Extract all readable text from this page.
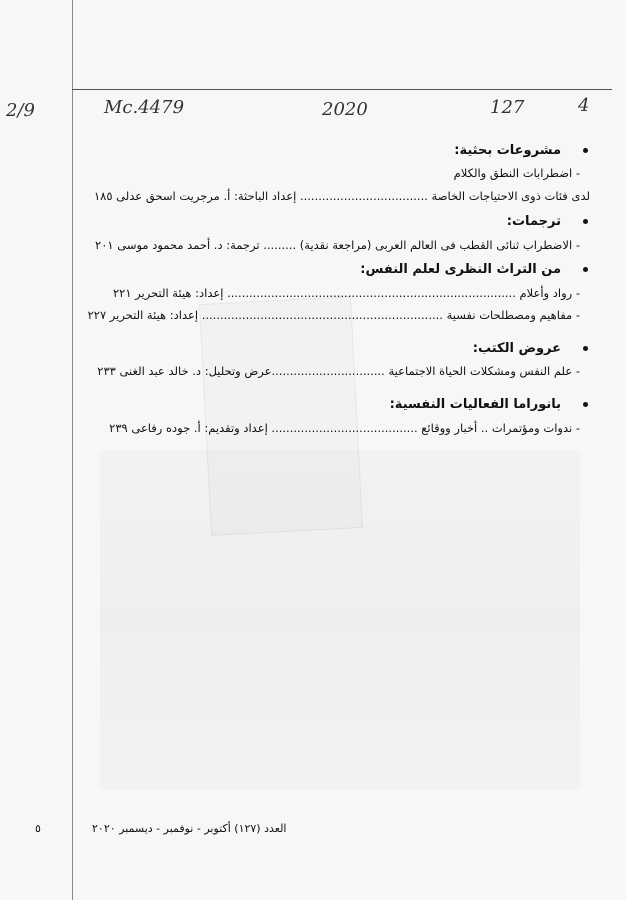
2/9	Mc.4479	2020	127	4
مشروعات بحثية:
- اضطرابات النطق والكلام
لدى فئات ذوى الاحتياجات الخاصة ................................... إعداد الباحثة: أ. مرجريت اسحق عدلى ١٨٥
ترجمات:
- الاضطراب ثنائى القطب فى العالم العربى (مراجعة نقدية) ......... ترجمة: د. أحمد محمود موسى ٢٠١
من التراث النظرى لعلم النفس:
- رواد وأعلام ............................................................................... إعداد: هيئة التحرير ٢٢١
- مفاهيم ومصطلحات نفسية .................................................................. إعداد: هيئة التحرير ٢٢٧
عروض الكتب:
- علم النفس ومشكلات الحياة الاجتماعية ...............................عرض وتحليل: د. خالد عبد الغنى ٢٣٣
بانوراما الفعاليات النفسية:
- ندوات ومؤتمرات .. أخبار ووقائع ........................................ إعداد وتقديم: أ. جوده رفاعى ٢٣٩
العدد (١٢٧) أكتوبر - نوفمبر - ديسمبر ٢٠٢٠
٥
